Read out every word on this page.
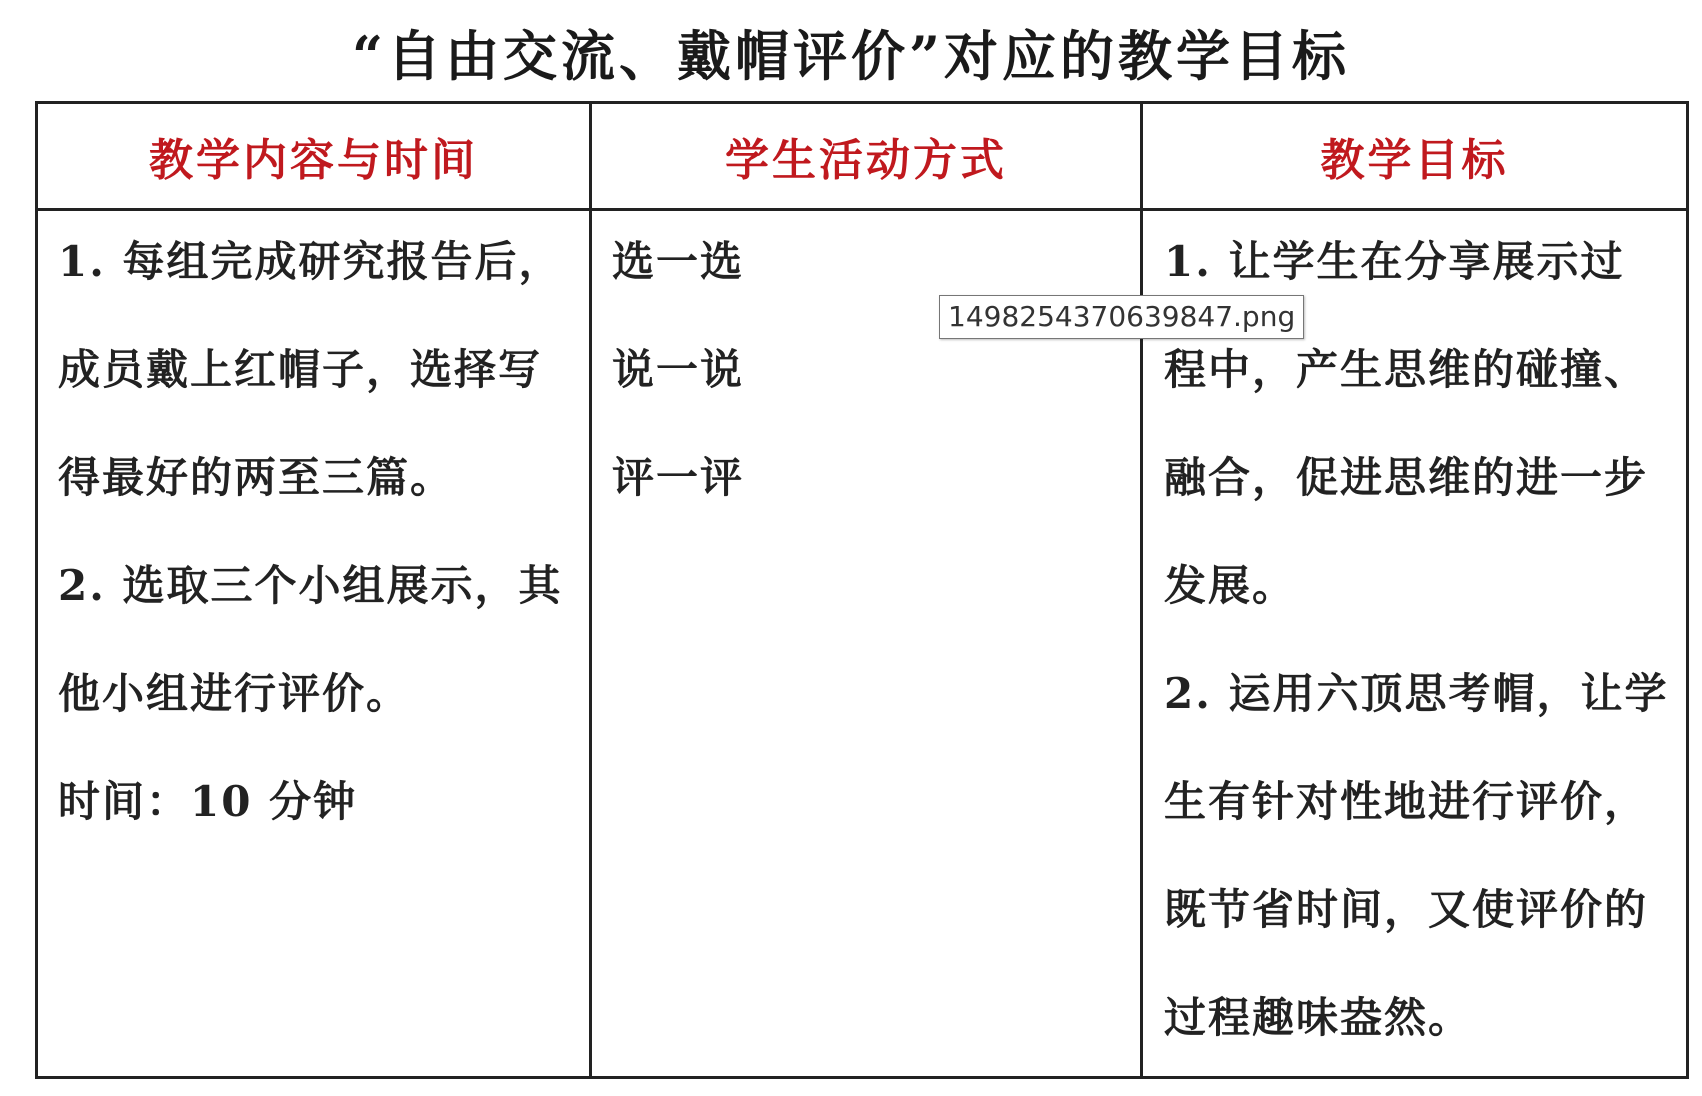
“自由交流、戴帽评价”对应的教学目标
教学内容与时间	学生活动方式	教学目标
1. 每组完成研究报告后，
成员戴上红帽子，选择写
得最好的两至三篇。
2. 选取三个小组展示，其
他小组进行评价。
时间：10 分钟
选一选
说一说
评一评
1. 让学生在分享展示过
程中，产生思维的碰撞、
融合，促进思维的进一步
发展。
2. 运用六顶思考帽，让学
生有针对性地进行评价，
既节省时间，又使评价的
过程趣味盎然。
1498254370639847.png
